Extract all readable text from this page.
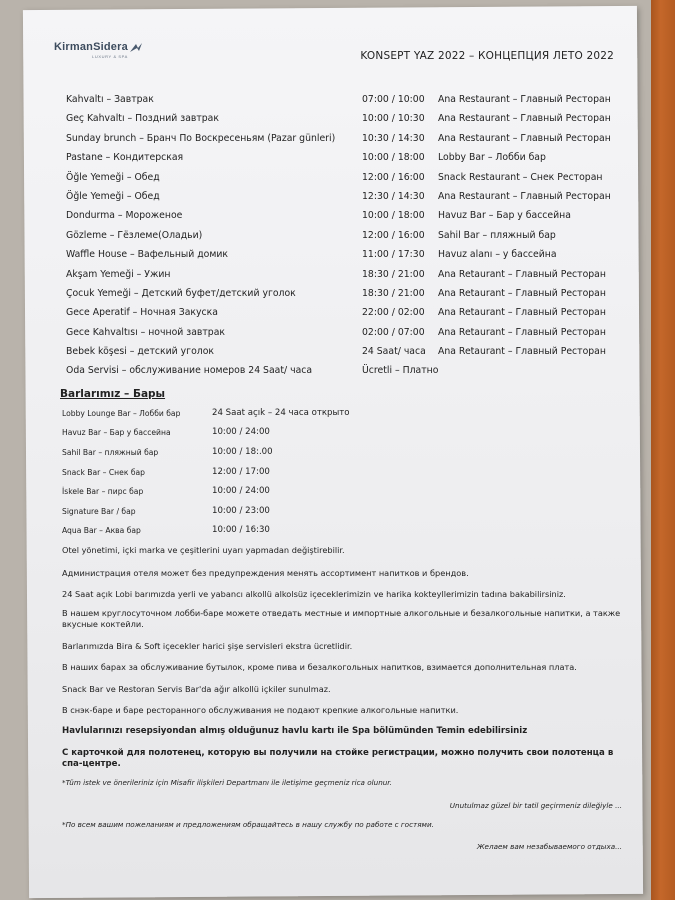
KirmanSidera
LUXURY & SPA	KONSEPT YAZ 2022 – КОНЦЕПЦИЯ ЛЕТО 2022
Kahvaltı – Завтрак	07:00 / 10:00	Ana Restaurant – Главный Ресторан
Geç Kahvaltı – Поздний завтрак	10:00 / 10:30	Ana Restaurant – Главный Ресторан
Sunday brunch – Бранч По Воскресеньям (Pazar günleri)	10:30 / 14:30	Ana Restaurant – Главный Ресторан
Pastane – Кондитерская	10:00 / 18:00	Lobby Bar – Лобби бар
Öğle Yemeği – Обед	12:00 / 16:00	Snack Restaurant – Снек Ресторан
Öğle Yemeği – Обед	12:30 / 14:30	Ana Restaurant – Главный Ресторан
Dondurma – Мороженое	10:00 / 18:00	Havuz Bar – Бар у бассейна
Gözleme – Гёзлеме(Оладьи)	12:00 / 16:00	Sahil Bar – пляжный бар
Waffle House – Вафельный домик	11:00 / 17:30	Havuz alanı – у бассейна
Akşam Yemeği – Ужин	18:30 / 21:00	Ana Retaurant – Главный Ресторан
Çocuk Yemeği – Детский буфет/детский уголок	18:30 / 21:00	Ana Retaurant – Главный Ресторан
Gece Aperatif – Ночная Закуска	22:00 / 02:00	Ana Retaurant – Главный Ресторан
Gece Kahvaltısı – ночной завтрак	02:00 / 07:00	Ana Retaurant – Главный Ресторан
Bebek köşesi – детский уголок	24 Saat/ часа	Ana Retaurant – Главный Ресторан
Oda Servisi – обслуживание номеров 24 Saat/ часа	Ücretli – Платно
Barlarımız – Бары
Lobby Lounge Bar – Лобби бар	24 Saat açık – 24 часа открыто
Havuz Bar – Бар у бассейна	10:00 / 24:00
Sahil Bar – пляжный бар	10:00 / 18:.00
Snack Bar – Снек бар	12:00 / 17:00
İskele Bar – пирс бар	10:00 / 24:00
Signature Bar / бар	10:00 / 23:00
Aqua Bar – Аква бар	10:00 / 16:30
Otel yönetimi, içki marka ve çeşitlerini uyarı yapmadan değiştirebilir.
Администрация отеля может без предупреждения менять ассортимент напитков и брендов.
24 Saat açık Lobi barımızda yerli ve yabancı alkollü alkolsüz içeceklerimizin ve harika kokteyllerimizin tadına bakabilirsiniz.
В нашем круглосуточном лобби-баре можете отведать местные и импортные алкогольные и безалкогольные напитки, а также вкусные коктейли.
Barlarımızda Bira & Soft içecekler harici şişe servisleri ekstra ücretlidir.
В наших барах за обслуживание бутылок, кроме пива и безалкогольных напитков, взимается дополнительная плата.
Snack Bar ve Restoran Servis Bar'da ağır alkollü içkiler sunulmaz.
В снэк-баре и баре ресторанного обслуживания не подают крепкие алкогольные напитки.
Havlularınızı resepsiyondan almış olduğunuz havlu kartı ile Spa bölümünden Temin edebilirsiniz
С карточкой для полотенец, которую вы получили на стойке регистрации, можно получить свои полотенца в спа-центре.
*Tüm istek ve önerileriniz için Misafir ilişkileri Departmanı ile iletişime geçmeniz rica olunur.
Unutulmaz güzel bir tatil geçirmeniz dileğiyle ...
*По всем вашим пожеланиям и предложениям обращайтесь в нашу службу по работе с гостями.
Желаем вам незабываемого отдыха...
